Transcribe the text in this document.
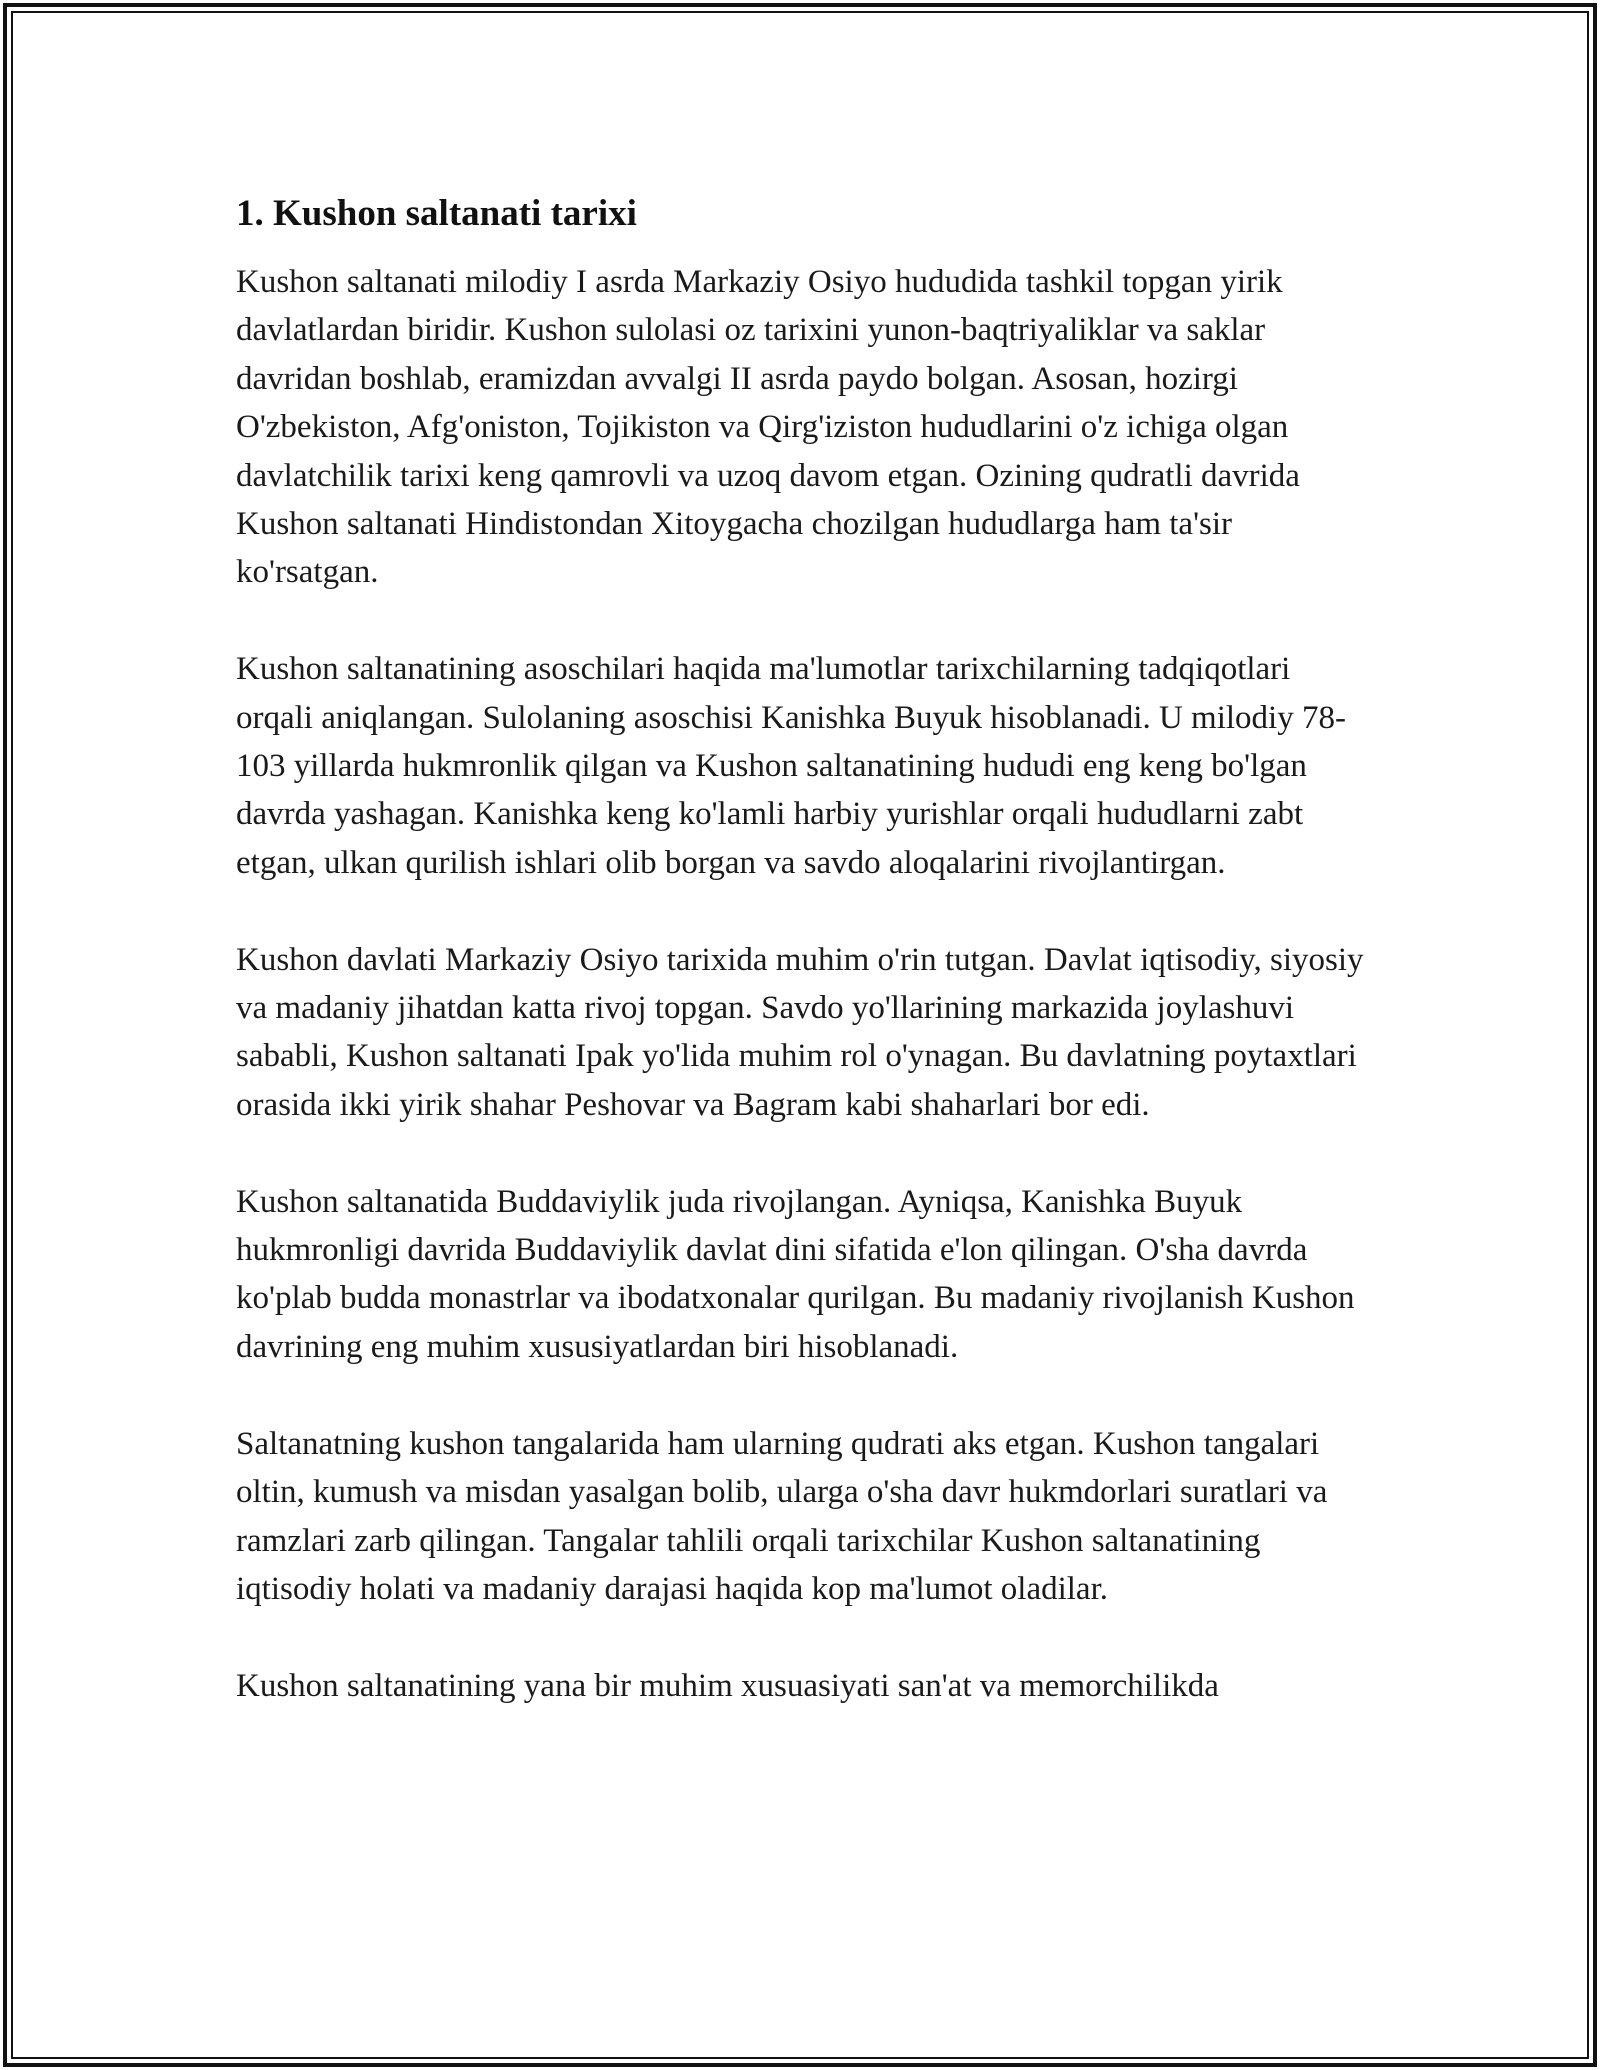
1. Kushon saltanati tarixi

Kushon saltanati milodiy I asrda Markaziy Osiyo hududida tashkil topgan yirik davlatlardan biridir. Kushon sulolasi oz tarixini yunon-baqtriyaliklar va saklar davridan boshlab, eramizdan avvalgi II asrda paydo bolgan. Asosan, hozirgi O'zbekiston, Afg'oniston, Tojikiston va Qirg'iziston hududlarini o'z ichiga olgan davlatchilik tarixi keng qamrovli va uzoq davom etgan. Ozining qudratli davrida Kushon saltanati Hindistondan Xitoygacha chozilgan hududlarga ham ta'sir ko'rsatgan.

Kushon saltanatining asoschilari haqida ma'lumotlar tarixchilarning tadqiqotlari orqali aniqlangan. Sulolaning asoschisi Kanishka Buyuk hisoblanadi. U milodiy 78-103 yillarda hukmronlik qilgan va Kushon saltanatining hududi eng keng bo'lgan davrda yashagan. Kanishka keng ko'lamli harbiy yurishlar orqali hududlarni zabt etgan, ulkan qurilish ishlari olib borgan va savdo aloqalarini rivojlantirgan.

Kushon davlati Markaziy Osiyo tarixida muhim o'rin tutgan. Davlat iqtisodiy, siyosiy va madaniy jihatdan katta rivoj topgan. Savdo yo'llarining markazida joylashuvi sababli, Kushon saltanati Ipak yo'lida muhim rol o'ynagan. Bu davlatning poytaxtlari orasida ikki yirik shahar Peshovar va Bagram kabi shaharlari bor edi.

Kushon saltanatida Buddaviylik juda rivojlangan. Ayniqsa, Kanishka Buyuk hukmronligi davrida Buddaviylik davlat dini sifatida e'lon qilingan. O'sha davrda ko'plab budda monastrlar va ibodatxonalar qurilgan. Bu madaniy rivojlanish Kushon davrining eng muhim xususiyatlardan biri hisoblanadi.

Saltanatning kushon tangalarida ham ularning qudrati aks etgan. Kushon tangalari oltin, kumush va misdan yasalgan bolib, ularga o'sha davr hukmdorlari suratlari va ramzlari zarb qilingan. Tangalar tahlili orqali tarixchilar Kushon saltanatining iqtisodiy holati va madaniy darajasi haqida kop ma'lumot oladilar.

Kushon saltanatining yana bir muhim xusuasiyati san'at va memorchilikda
